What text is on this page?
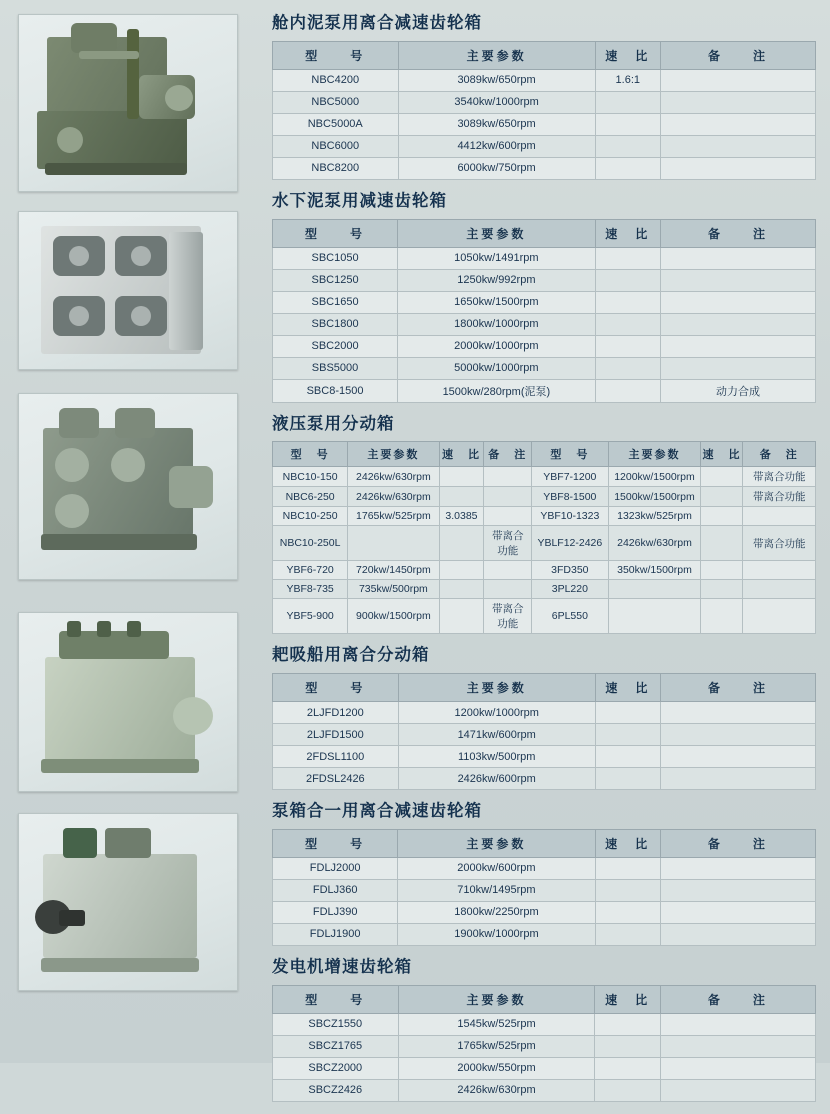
舱内泥泵用离合减速齿轮箱
型　　号	主要参数	速　比	备　　注
NBC4200	3089kw/650rpm	1.6:1	
NBC5000	3540kw/1000rpm		
NBC5000A	3089kw/650rpm		
NBC6000	4412kw/600rpm		
NBC8200	6000kw/750rpm		
水下泥泵用减速齿轮箱
型　　号	主要参数	速　比	备　　注
SBC1050	1050kw/1491rpm		
SBC1250	1250kw/992rpm		
SBC1650	1650kw/1500rpm		
SBC1800	1800kw/1000rpm		
SBC2000	2000kw/1000rpm		
SBS5000	5000kw/1000rpm		
SBC8-1500	1500kw/280rpm(泥泵)		动力合成
液压泵用分动箱
型　号	主要参数	速　比	备　注	型　号	主要参数	速　比	备　注
NBC10-150	2426kw/630rpm			YBF7-1200	1200kw/1500rpm		带离合功能
NBC6-250	2426kw/630rpm			YBF8-1500	1500kw/1500rpm		带离合功能
NBC10-250	1765kw/525rpm	3.0385		YBF10-1323	1323kw/525rpm		
NBC10-250L			带离合功能	YBLF12-2426	2426kw/630rpm		带离合功能
YBF6-720	720kw/1450rpm			3FD350	350kw/1500rpm		
YBF8-735	735kw/500rpm			3PL220			
YBF5-900	900kw/1500rpm		带离合功能	6PL550			
耙吸船用离合分动箱
型　　号	主要参数	速　比	备　　注
2LJFD1200	1200kw/1000rpm		
2LJFD1500	1471kw/600rpm		
2FDSL1100	1103kw/500rpm		
2FDSL2426	2426kw/600rpm		
泵箱合一用离合减速齿轮箱
型　　号	主要参数	速　比	备　　注
FDLJ2000	2000kw/600rpm		
FDLJ360	710kw/1495rpm		
FDLJ390	1800kw/2250rpm		
FDLJ1900	1900kw/1000rpm		
发电机增速齿轮箱
型　　号	主要参数	速　比	备　　注
SBCZ1550	1545kw/525rpm		
SBCZ1765	1765kw/525rpm		
SBCZ2000	2000kw/550rpm		
SBCZ2426	2426kw/630rpm		
